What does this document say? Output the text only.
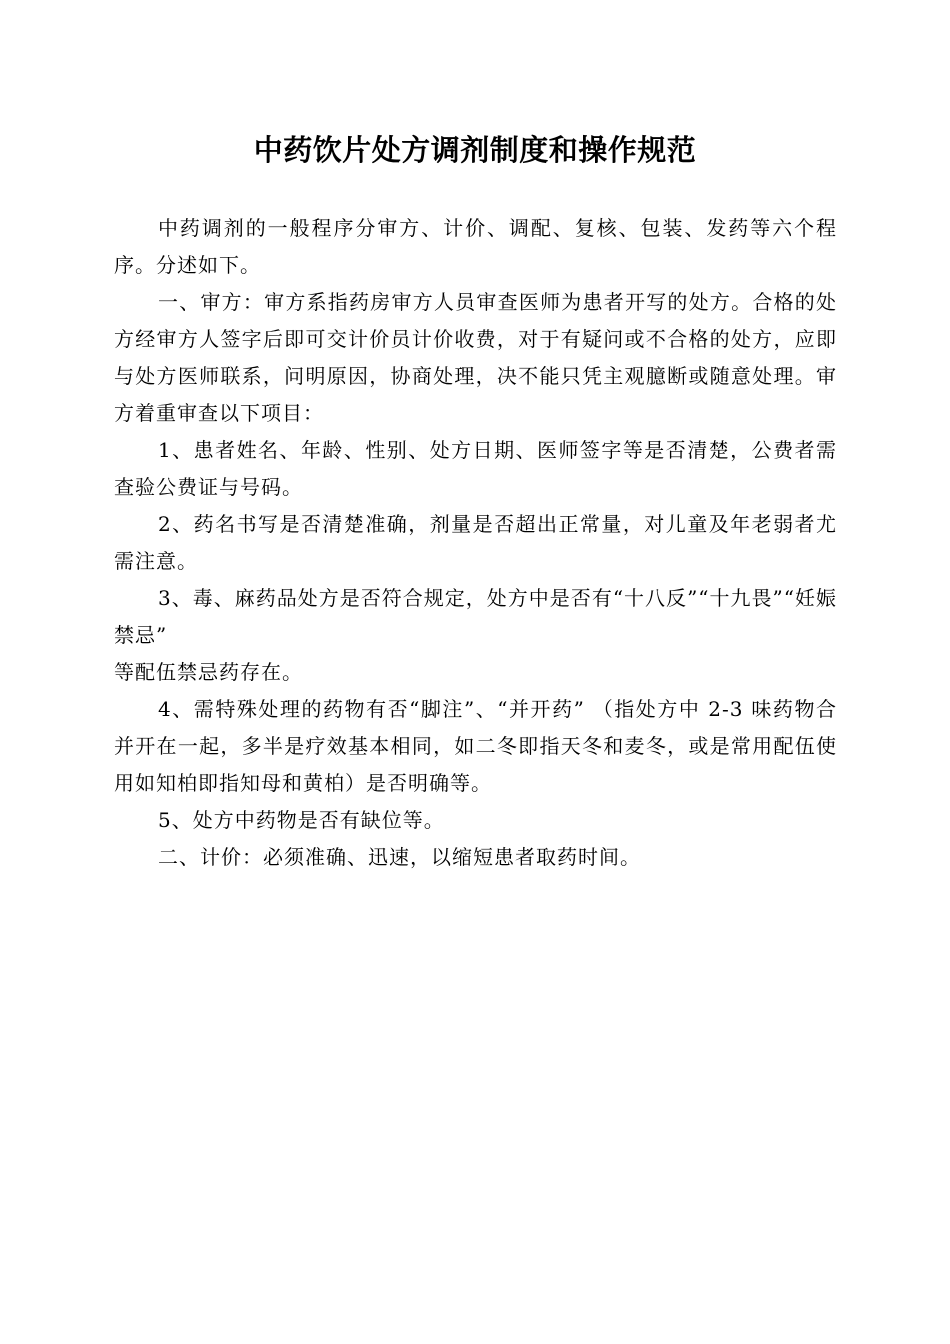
中药饮片处方调剂制度和操作规范

中药调剂的一般程序分审方、计价、调配、复核、包装、发药等六个程序。分述如下。

一、审方：审方系指药房审方人员审查医师为患者开写的处方。合格的处方经审方人签字后即可交计价员计价收费，对于有疑问或不合格的处方，应即与处方医师联系，问明原因，协商处理，决不能只凭主观臆断或随意处理。审方着重审查以下项目：

1、患者姓名、年龄、性别、处方日期、医师签字等是否清楚，公费者需查验公费证与号码。

2、药名书写是否清楚准确，剂量是否超出正常量，对儿童及年老弱者尤需注意。

3、毒、麻药品处方是否符合规定，处方中是否有“十八反”“十九畏”“妊娠禁忌”

等配伍禁忌药存在。

4、需特殊处理的药物有否“脚注”、“并开药” （指处方中 2-3 味药物合并开在一起，多半是疗效基本相同，如二冬即指天冬和麦冬，或是常用配伍使用如知柏即指知母和黄柏）是否明确等。

5、处方中药物是否有缺位等。

二、计价：必须准确、迅速，以缩短患者取药时间。
